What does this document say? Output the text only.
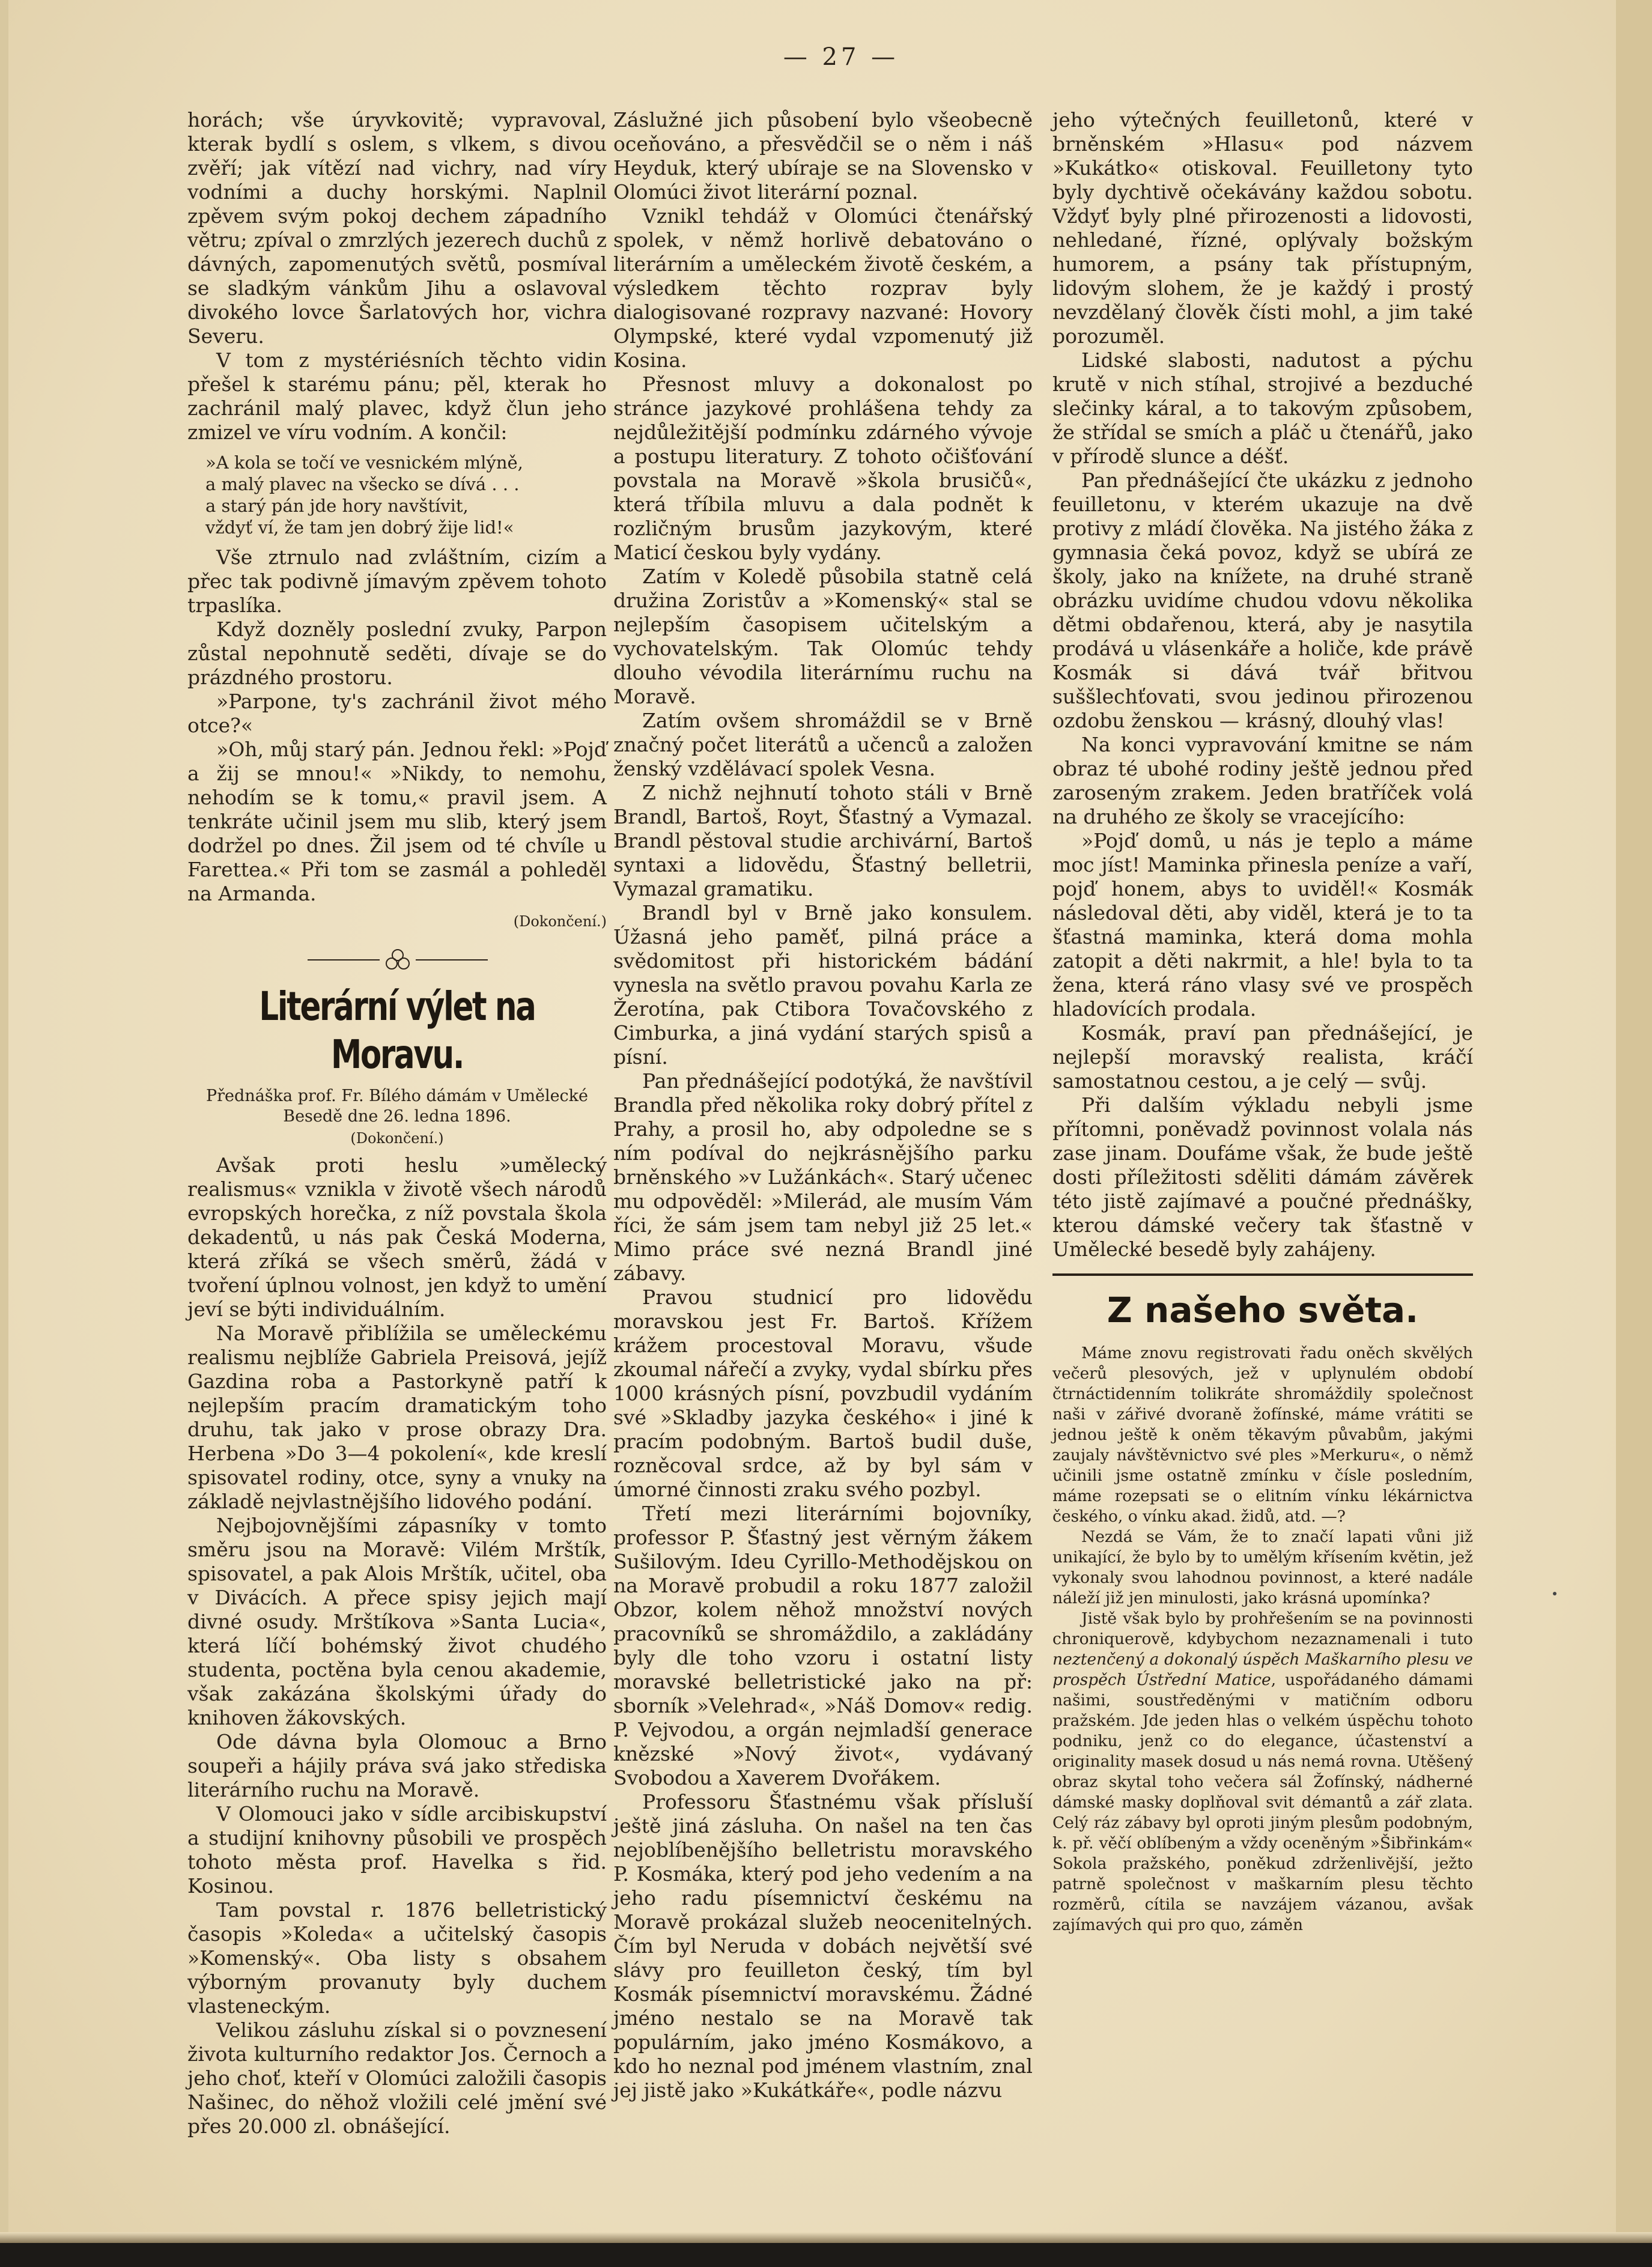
— 27 —

horách; vše úryvkovitě; vypravoval, kterak bydlí s oslem, s vlkem, s divou zvěří; jak vítězí nad vichry, nad víry vodními a duchy horskými. Naplnil zpěvem svým pokoj dechem západního větru; zpíval o zmrzlých jezerech duchů z dávných, zapomenutých světů, posmíval se sladkým vánkům Jihu a oslavoval divokého lovce Šarlatových hor, vichra Severu.

V tom z mystériésních těchto vidin přešel k starému pánu; pěl, kterak ho zachránil malý plavec, když člun jeho zmizel ve víru vodním. A končil:

»A kola se točí ve vesnickém mlýně,
a malý plavec na všecko se dívá . . .
a starý pán jde hory navštívit,
vždyť ví, že tam jen dobrý žije lid!«

Vše ztrnulo nad zvláštním, cizím a přec tak podivně jímavým zpěvem tohoto trpaslíka.

Když dozněly poslední zvuky, Parpon zůstal nepohnutě seděti, dívaje se do prázdného prostoru.

»Parpone, ty's zachránil život mého otce?«

»Oh, můj starý pán. Jednou řekl: »Pojď a žij se mnou!« »Nikdy, to nemohu, nehodím se k tomu,« pravil jsem. A tenkráte učinil jsem mu slib, který jsem dodržel po dnes. Žil jsem od té chvíle u Farettea.« Při tom se zasmál a pohleděl na Armanda.

(Dokončení.)
Literární výlet na Moravu.
Přednáška prof. Fr. Bílého dámám v Umělecké Besedě dne 26. ledna 1896.
(Dokončení.)

Avšak proti heslu »umělecký realismus« vznikla v životě všech národů evropských horečka, z níž povstala škola dekadentů, u nás pak Česká Moderna, která zříká se všech směrů, žádá v tvoření úplnou volnost, jen když to umění jeví se býti individuálním.

Na Moravě přiblížila se uměleckému realismu nejblíže Gabriela Preisová, jejíž Gazdina roba a Pastorkyně patří k nejlepším pracím dramatickým toho druhu, tak jako v prose obrazy Dra. Herbena »Do 3—4 pokolení«, kde kreslí spisovatel rodiny, otce, syny a vnuky na základě nejvlastnějšího lidového podání.

Nejbojovnějšími zápasníky v tomto směru jsou na Moravě: Vilém Mrštík, spisovatel, a pak Alois Mrštík, učitel, oba v Divácích. A přece spisy jejich mají divné osudy. Mrštíkova »Santa Lucia«, která líčí bohémský život chudého studenta, poctěna byla cenou akademie, však zakázána školskými úřady do knihoven žákovských.

Ode dávna byla Olomouc a Brno soupeři a hájily práva svá jako střediska literárního ruchu na Moravě.

V Olomouci jako v sídle arcibiskupství a studijní knihovny působili ve prospěch tohoto města prof. Havelka s řid. Kosinou.

Tam povstal r. 1876 belletristický časopis »Koleda« a učitelský časopis »Komenský«. Oba listy s obsahem výborným provanuty byly duchem vlasteneckým.

Velikou zásluhu získal si o povznesení života kulturního redaktor Jos. Černoch a jeho choť, kteří v Olomúci založili časopis Našinec, do něhož vložili celé jmění své přes 20.000 zl. obnášející.

Záslužné jich působení bylo všeobecně oceňováno, a přesvědčil se o něm i náš Heyduk, který ubíraje se na Slovensko v Olomúci život literární poznal.

Vznikl tehdáž v Olomúci čtenářský spolek, v němž horlivě debatováno o literárním a uměleckém životě českém, a výsledkem těchto rozprav byly dialogisované rozpravy nazvané: Hovory Olympské, které vydal vzpomenutý již Kosina.

Přesnost mluvy a dokonalost po stránce jazykové prohlášena tehdy za nejdůležitější podmínku zdárného vývoje a postupu literatury. Z tohoto očišťování povstala na Moravě »škola brusičů«, která tříbila mluvu a dala podnět k rozličným brusům jazykovým, které Maticí českou byly vydány.

Zatím v Koledě působila statně celá družina Zoristův a »Komenský« stal se nejlepším časopisem učitelským a vychovatelským. Tak Olomúc tehdy dlouho vévodila literárnímu ruchu na Moravě.

Zatím ovšem shromáždil se v Brně značný počet literátů a učenců a založen ženský vzdělávací spolek Vesna.

Z nichž nejhnutí tohoto stáli v Brně Brandl, Bartoš, Royt, Šťastný a Vymazal. Brandl pěstoval studie archivární, Bartoš syntaxi a lidovědu, Šťastný belletrii, Vymazal gramatiku.

Brandl byl v Brně jako konsulem. Úžasná jeho paměť, pilná práce a svědomitost při historickém bádání vynesla na světlo pravou povahu Karla ze Žerotína, pak Ctibora Tovačovského z Cimburka, a jiná vydání starých spisů a písní.

Pan přednášející podotýká, že navštívil Brandla před několika roky dobrý přítel z Prahy, a prosil ho, aby odpoledne se s ním podíval do nejkrásnějšího parku brněnského »v Lužánkách«. Starý učenec mu odpověděl: »Milerád, ale musím Vám říci, že sám jsem tam nebyl již 25 let.« Mimo práce své nezná Brandl jiné zábavy.

Pravou studnicí pro lidovědu moravskou jest Fr. Bartoš. Křížem krážem procestoval Moravu, všude zkoumal nářečí a zvyky, vydal sbírku přes 1000 krásných písní, povzbudil vydáním své »Skladby jazyka českého« i jiné k pracím podobným. Bartoš budil duše, rozněcoval srdce, až by byl sám v úmorné činnosti zraku svého pozbyl.

Třetí mezi literárními bojovníky, professor P. Šťastný jest věrným žákem Sušilovým. Ideu Cyrillo-Methodějskou on na Moravě probudil a roku 1877 založil Obzor, kolem něhož množství nových pracovníků se shromáždilo, a zakládány byly dle toho vzoru i ostatní listy moravské belletristické jako na př: sborník »Velehrad«, »Náš Domov« redig. P. Vejvodou, a orgán nejmladší generace knězské »Nový život«, vydávaný Svobodou a Xaverem Dvořákem.

Professoru Šťastnému však přísluší ještě jiná zásluha. On našel na ten čas nejoblíbenějšího belletristu moravského P. Kosmáka, který pod jeho vedením a na jeho radu písemnictví českému na Moravě prokázal služeb neocenitelných. Čím byl Neruda v dobách největší své slávy pro feuilleton český, tím byl Kosmák písemnictví moravskému. Žádné jméno nestalo se na Moravě tak populárním, jako jméno Kosmákovo, a kdo ho neznal pod jménem vlastním, znal jej jistě jako »Kukátkáře«, podle názvu

jeho výtečných feuilletonů, které v brněnském »Hlasu« pod názvem »Kukátko« otiskoval. Feuilletony tyto byly dychtivě očekávány každou sobotu. Vždyť byly plné přirozenosti a lidovosti, nehledané, řízné, oplývaly božským humorem, a psány tak přístupným, lidovým slohem, že je každý i prostý nevzdělaný člověk čísti mohl, a jim také porozuměl.

Lidské slabosti, nadutost a pýchu krutě v nich stíhal, strojivé a bezduché slečinky káral, a to takovým způsobem, že střídal se smích a pláč u čtenářů, jako v přírodě slunce a déšť.

Pan přednášející čte ukázku z jednoho feuilletonu, v kterém ukazuje na dvě protivy z mládí člověka. Na jistého žáka z gymnasia čeká povoz, když se ubírá ze školy, jako na knížete, na druhé straně obrázku uvidíme chudou vdovu několika dětmi obdařenou, která, aby je nasytila prodává u vlásenkáře a holiče, kde právě Kosmák si dává tvář břitvou suššlechťovati, svou jedinou přirozenou ozdobu ženskou — krásný, dlouhý vlas!

Na konci vypravování kmitne se nám obraz té ubohé rodiny ještě jednou před zaroseným zrakem. Jeden bratříček volá na druhého ze školy se vracejícího:

»Pojď domů, u nás je teplo a máme moc jíst! Maminka přinesla peníze a vaří, pojď honem, abys to uviděl!« Kosmák následoval děti, aby viděl, která je to ta šťastná maminka, která doma mohla zatopit a děti nakrmit, a hle! byla to ta žena, která ráno vlasy své ve prospěch hladovících prodala.

Kosmák, praví pan přednášející, je nejlepší moravský realista, kráčí samostatnou cestou, a je celý — svůj.

Při dalším výkladu nebyli jsme přítomni, poněvadž povinnost volala nás zase jinam. Doufáme však, že bude ještě dosti příležitosti sděliti dámám závěrek této jistě zajímavé a poučné přednášky, kterou dámské večery tak šťastně v Umělecké besedě byly zahájeny.

Z našeho světa.

Máme znovu registrovati řadu oněch skvělých večerů plesových, jež v uplynulém období čtrnáctidenním tolikráte shromáždily společnost naši v zářivé dvoraně žofínské, máme vrátiti se jednou ještě k oněm těkavým půvabům, jakými zaujaly návštěvnictvo své ples »Merkuru«, o němž učinili jsme ostatně zmínku v čísle posledním, máme rozepsati se o elitním vínku lékárnictva českého, o vínku akad. židů, atd. —?

Nezdá se Vám, že to značí lapati vůni již unikající, že bylo by to umělým křísením květin, jež vykonaly svou lahodnou povinnost, a které nadále náleží již jen minulosti, jako krásná upomínka?

Jistě však bylo by prohřešením se na povinnosti chroniquerově, kdybychom nezaznamenali i tuto neztenčený a dokonalý úspěch Maškarního plesu ve prospěch Ústřední Matice, uspořádaného dámami našimi, soustředěnými v matičním odboru pražském. Jde jeden hlas o velkém úspěchu tohoto podniku, jenž co do elegance, účastenství a originality masek dosud u nás nemá rovna. Utěšený obraz skytal toho večera sál Žofínský, nádherné dámské masky doplňoval svit démantů a zář zlata. Celý ráz zábavy byl oproti jiným plesům podobným, k. př. věčí oblíbeným a vždy oceněným »Šibřinkám« Sokola pražského, poněkud zdrženlivější, ježto patrně společnost v maškarním plesu těchto rozměrů, cítila se navzájem vázanou, avšak zajímavých qui pro quo, záměn
